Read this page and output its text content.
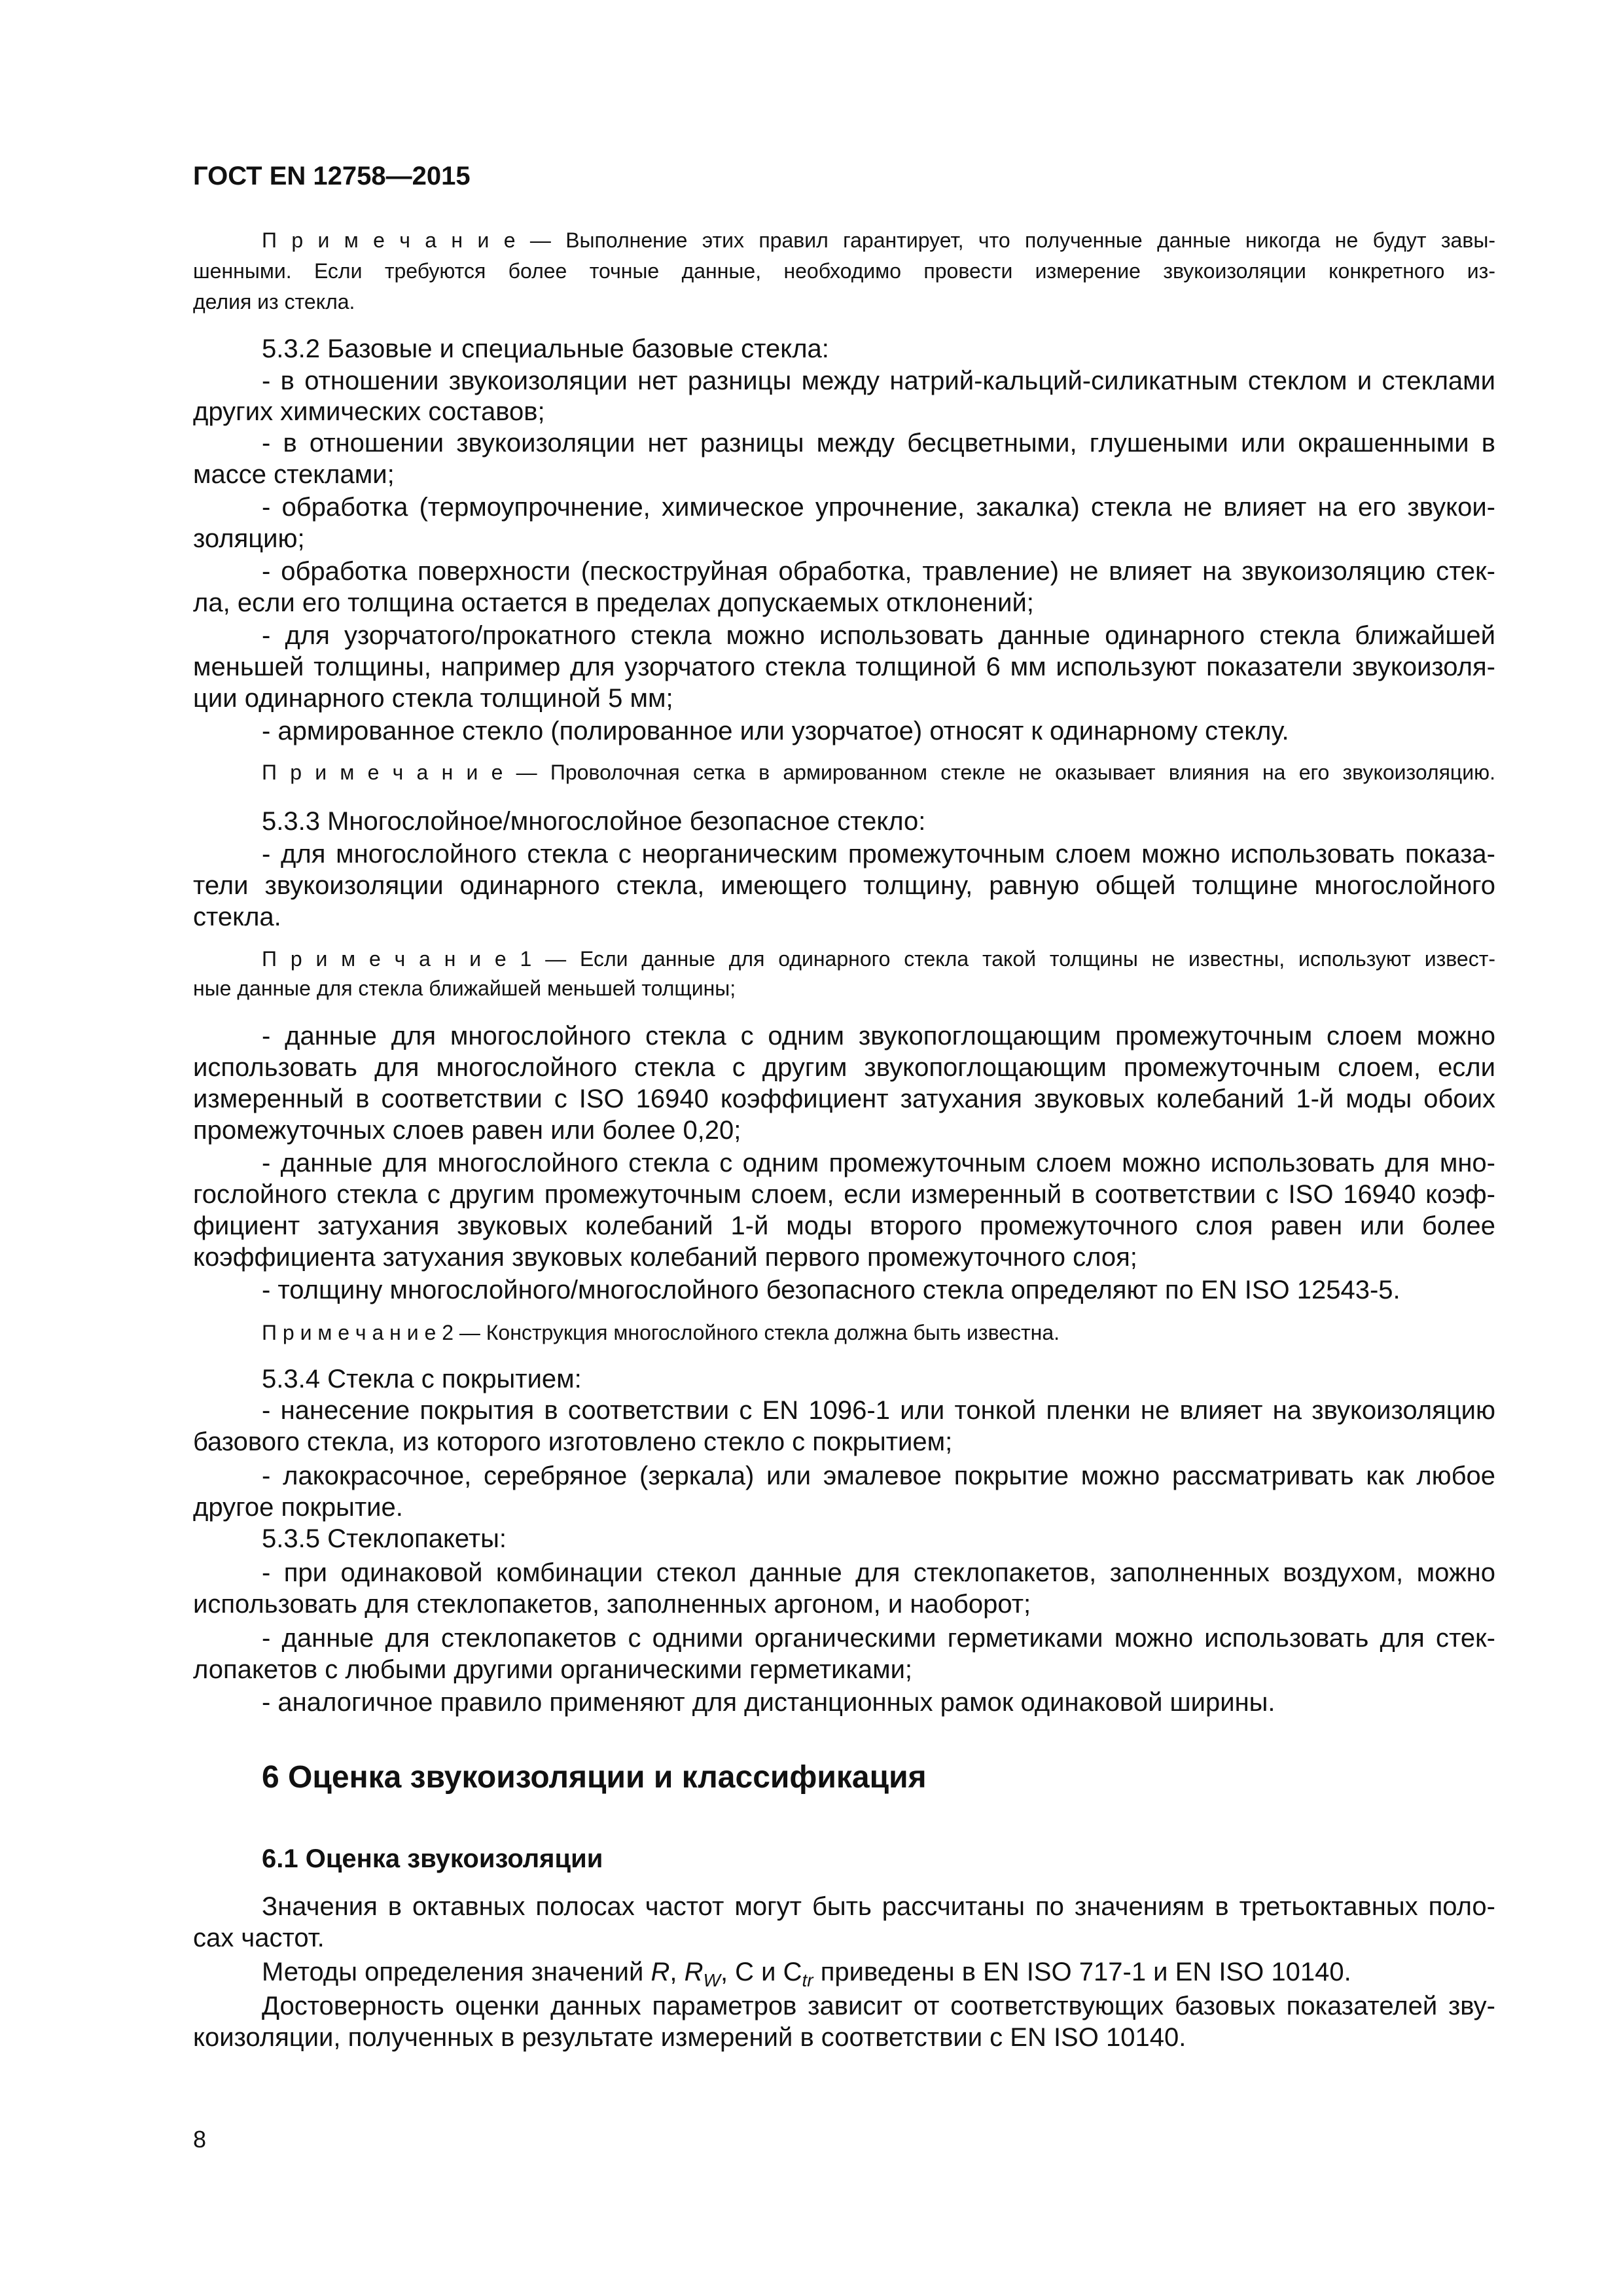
ГОСТ EN 12758—2015
П р и м е ч а н и е — Выполнение этих правил гарантирует, что полученные данные никогда не будут завы-
шенными. Если требуются более точные данные, необходимо провести измерение звукоизоляции конкретного из-
делия из стекла.
5.3.2 Базовые и специальные базовые стекла:
- в отношении звукоизоляции нет разницы между натрий-кальций-силикатным стеклом и стеклами
других химических составов;
- в отношении звукоизоляции нет разницы между бесцветными, глушеными или окрашенными в
массе стеклами;
- обработка (термоупрочнение, химическое упрочнение, закалка) стекла не влияет на его звукои-
золяцию;
- обработка поверхности (пескоструйная обработка, травление) не влияет на звукоизоляцию стек-
ла, если его толщина остается в пределах допускаемых отклонений;
- для узорчатого/прокатного стекла можно использовать данные одинарного стекла ближайшей
меньшей толщины, например для узорчатого стекла толщиной 6 мм используют показатели звукоизоля-
ции одинарного стекла толщиной 5 мм;
- армированное стекло (полированное или узорчатое) относят к одинарному стеклу.
П р и м е ч а н и е — Проволочная сетка в армированном стекле не оказывает влияния на его звукоизоляцию.
5.3.3 Многослойное/многослойное безопасное стекло:
- для многослойного стекла с неорганическим промежуточным слоем можно использовать показа-
тели звукоизоляции одинарного стекла, имеющего толщину, равную общей толщине многослойного
стекла.
П р и м е ч а н и е 1 — Если данные для одинарного стекла такой толщины не известны, используют извест-
ные данные для стекла ближайшей меньшей толщины;
- данные для многослойного стекла с одним звукопоглощающим промежуточным слоем можно
использовать для многослойного стекла с другим звукопоглощающим промежуточным слоем, если
измеренный в соответствии с ISO 16940 коэффициент затухания звуковых колебаний 1-й моды обоих
промежуточных слоев равен или более 0,20;
- данные для многослойного стекла с одним промежуточным слоем можно использовать для мно-
гослойного стекла с другим промежуточным слоем, если измеренный в соответствии с ISO 16940 коэф-
фициент затухания звуковых колебаний 1-й моды второго промежуточного слоя равен или более
коэффициента затухания звуковых колебаний первого промежуточного слоя;
- толщину многослойного/многослойного безопасного стекла определяют по EN ISO 12543-5.
П р и м е ч а н и е 2 — Конструкция многослойного стекла должна быть известна.
5.3.4 Стекла с покрытием:
- нанесение покрытия в соответствии с EN 1096-1 или тонкой пленки не влияет на звукоизоляцию
базового стекла, из которого изготовлено стекло с покрытием;
- лакокрасочное, серебряное (зеркала) или эмалевое покрытие можно рассматривать как любое
другое покрытие.
5.3.5 Стеклопакеты:
- при одинаковой комбинации стекол данные для стеклопакетов, заполненных воздухом, можно
использовать для стеклопакетов, заполненных аргоном, и наоборот;
- данные для стеклопакетов с одними органическими герметиками можно использовать для стек-
лопакетов с любыми другими органическими герметиками;
- аналогичное правило применяют для дистанционных рамок одинаковой ширины.
6 Оценка звукоизоляции и классификация
6.1 Оценка звукоизоляции
Значения в октавных полосах частот могут быть рассчитаны по значениям в третьоктавных поло-
сах частот.
Методы определения значений R, $R_W$, C и $C_{tr}$ приведены в EN ISO 717-1 и EN ISO 10140.
Достоверность оценки данных параметров зависит от соответствующих базовых показателей зву-
коизоляции, полученных в результате измерений в соответствии с EN ISO 10140.
8
